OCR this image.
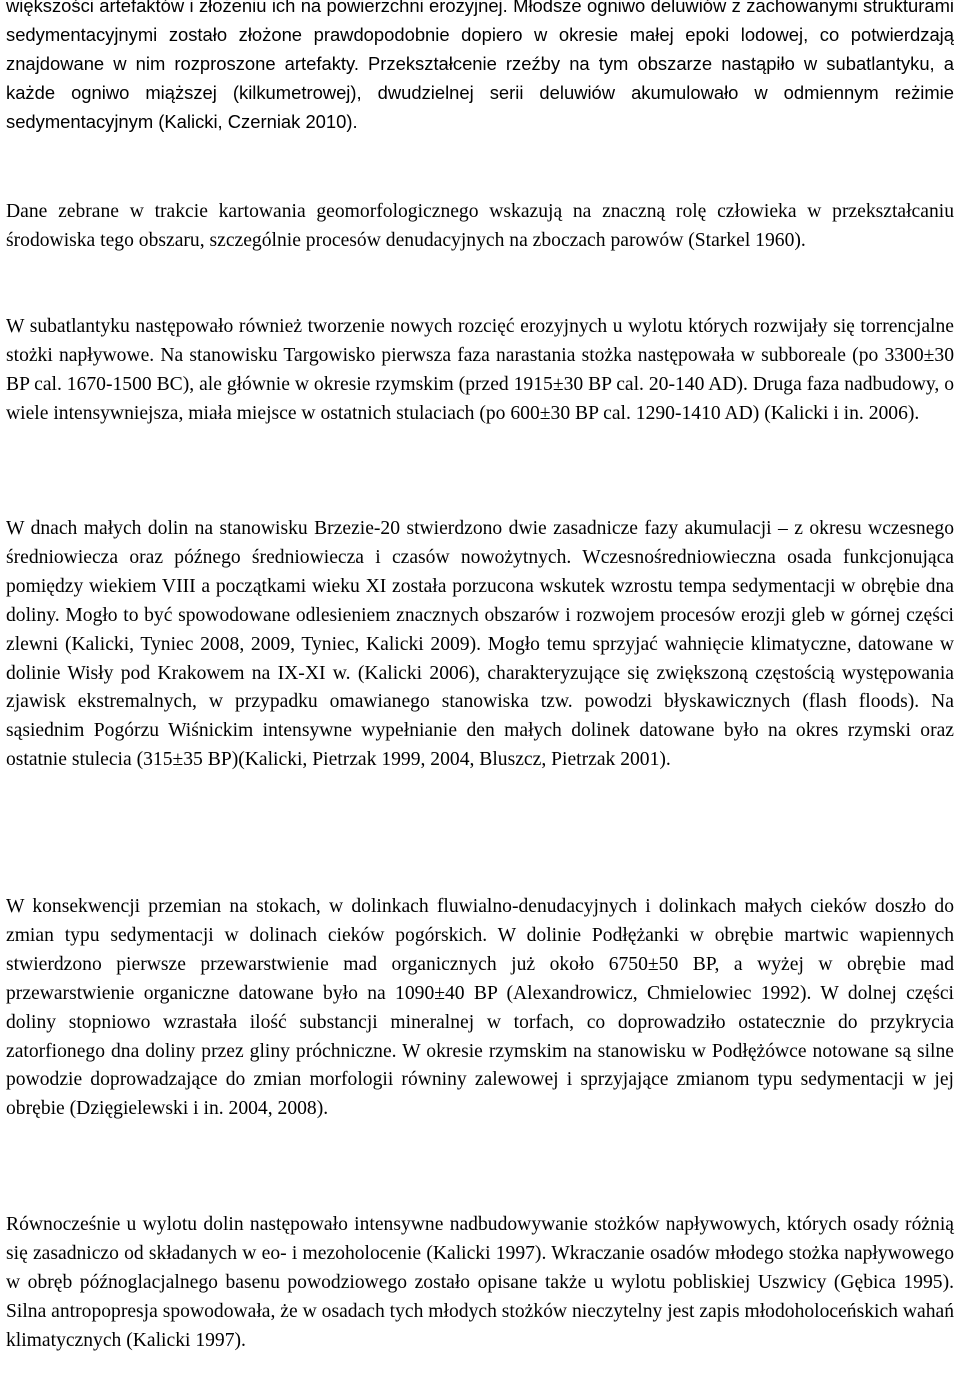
większości artefaktów i złożeniu ich na powierzchni erozyjnej. Młodsze ogniwo deluwiów z zachowanymi strukturami sedymentacyjnymi zostało złożone prawdopodobnie dopiero w okresie małej epoki lodowej, co potwierdzają znajdowane w nim rozproszone artefakty. Przekształcenie rzeźby na tym obszarze nastąpiło w subatlantyku, a każde ogniwo miąższej (kilkumetrowej), dwudzielnej serii deluwiów akumulowało w odmiennym reżimie sedymentacyjnym (Kalicki, Czerniak 2010).

Dane zebrane w trakcie kartowania geomorfologicznego wskazują na znaczną rolę człowieka w przekształcaniu środowiska tego obszaru, szczególnie procesów denudacyjnych na zboczach parowów (Starkel 1960).

W subatlantyku następowało również tworzenie nowych rozcięć erozyjnych u wylotu których rozwijały się torrencjalne stożki napływowe. Na stanowisku Targowisko pierwsza faza narastania stożka następowała w subboreale (po 3300±30 BP cal. 1670-1500 BC), ale głównie w okresie rzymskim (przed 1915±30 BP cal. 20-140 AD). Druga faza nadbudowy, o wiele intensywniejsza, miała miejsce w ostatnich stulaciach (po 600±30 BP cal. 1290-1410 AD) (Kalicki i in. 2006).

W dnach małych dolin na stanowisku Brzezie-20 stwierdzono dwie zasadnicze fazy akumulacji – z okresu wczesnego średniowiecza oraz późnego średniowiecza i czasów nowożytnych. Wczesnośredniowieczna osada funkcjonująca pomiędzy wiekiem VIII a początkami wieku XI została porzucona wskutek wzrostu tempa sedymentacji w obrębie dna doliny. Mogło to być spowodowane odlesieniem znacznych obszarów i rozwojem procesów erozji gleb w górnej części zlewni (Kalicki, Tyniec 2008, 2009, Tyniec, Kalicki 2009). Mogło temu sprzyjać wahnięcie klimatyczne, datowane w dolinie Wisły pod Krakowem na IX-XI w. (Kalicki 2006), charakteryzujące się zwiększoną częstością występowania zjawisk ekstremalnych, w przypadku omawianego stanowiska tzw. powodzi błyskawicznych (flash floods). Na sąsiednim Pogórzu Wiśnickim intensywne wypełnianie den małych dolinek datowane było na okres rzymski oraz ostatnie stulecia (315±35 BP)(Kalicki, Pietrzak 1999, 2004, Bluszcz, Pietrzak 2001).

W konsekwencji przemian na stokach, w dolinkach fluwialno-denudacyjnych i dolinkach małych cieków doszło do zmian typu sedymentacji w dolinach cieków pogórskich. W dolinie Podłężanki w obrębie martwic wapiennych stwierdzono pierwsze przewarstwienie mad organicznych już około 6750±50 BP, a wyżej w obrębie mad przewarstwienie organiczne datowane było na 1090±40 BP (Alexandrowicz, Chmielowiec 1992). W dolnej części doliny stopniowo wzrastała ilość substancji mineralnej w torfach, co doprowadziło ostatecznie do przykrycia zatorfionego dna doliny przez gliny próchniczne. W okresie rzymskim na stanowisku w Podłężówce notowane są silne powodzie doprowadzające do zmian morfologii równiny zalewowej i sprzyjające zmianom typu sedymentacji w jej obrębie (Dzięgielewski i in. 2004, 2008).

Równocześnie u wylotu dolin następowało intensywne nadbudowywanie stożków napływowych, których osady różnią się zasadniczo od składanych w eo- i mezoholocenie (Kalicki 1997). Wkraczanie osadów młodego stożka napływowego w obręb późnoglacjalnego basenu powodziowego zostało opisane także u wylotu pobliskiej Uszwicy (Gębica 1995). Silna antropopresja spowodowała, że w osadach tych młodych stożków nieczytelny jest zapis młodoholoceńskich wahań klimatycznych (Kalicki 1997).
